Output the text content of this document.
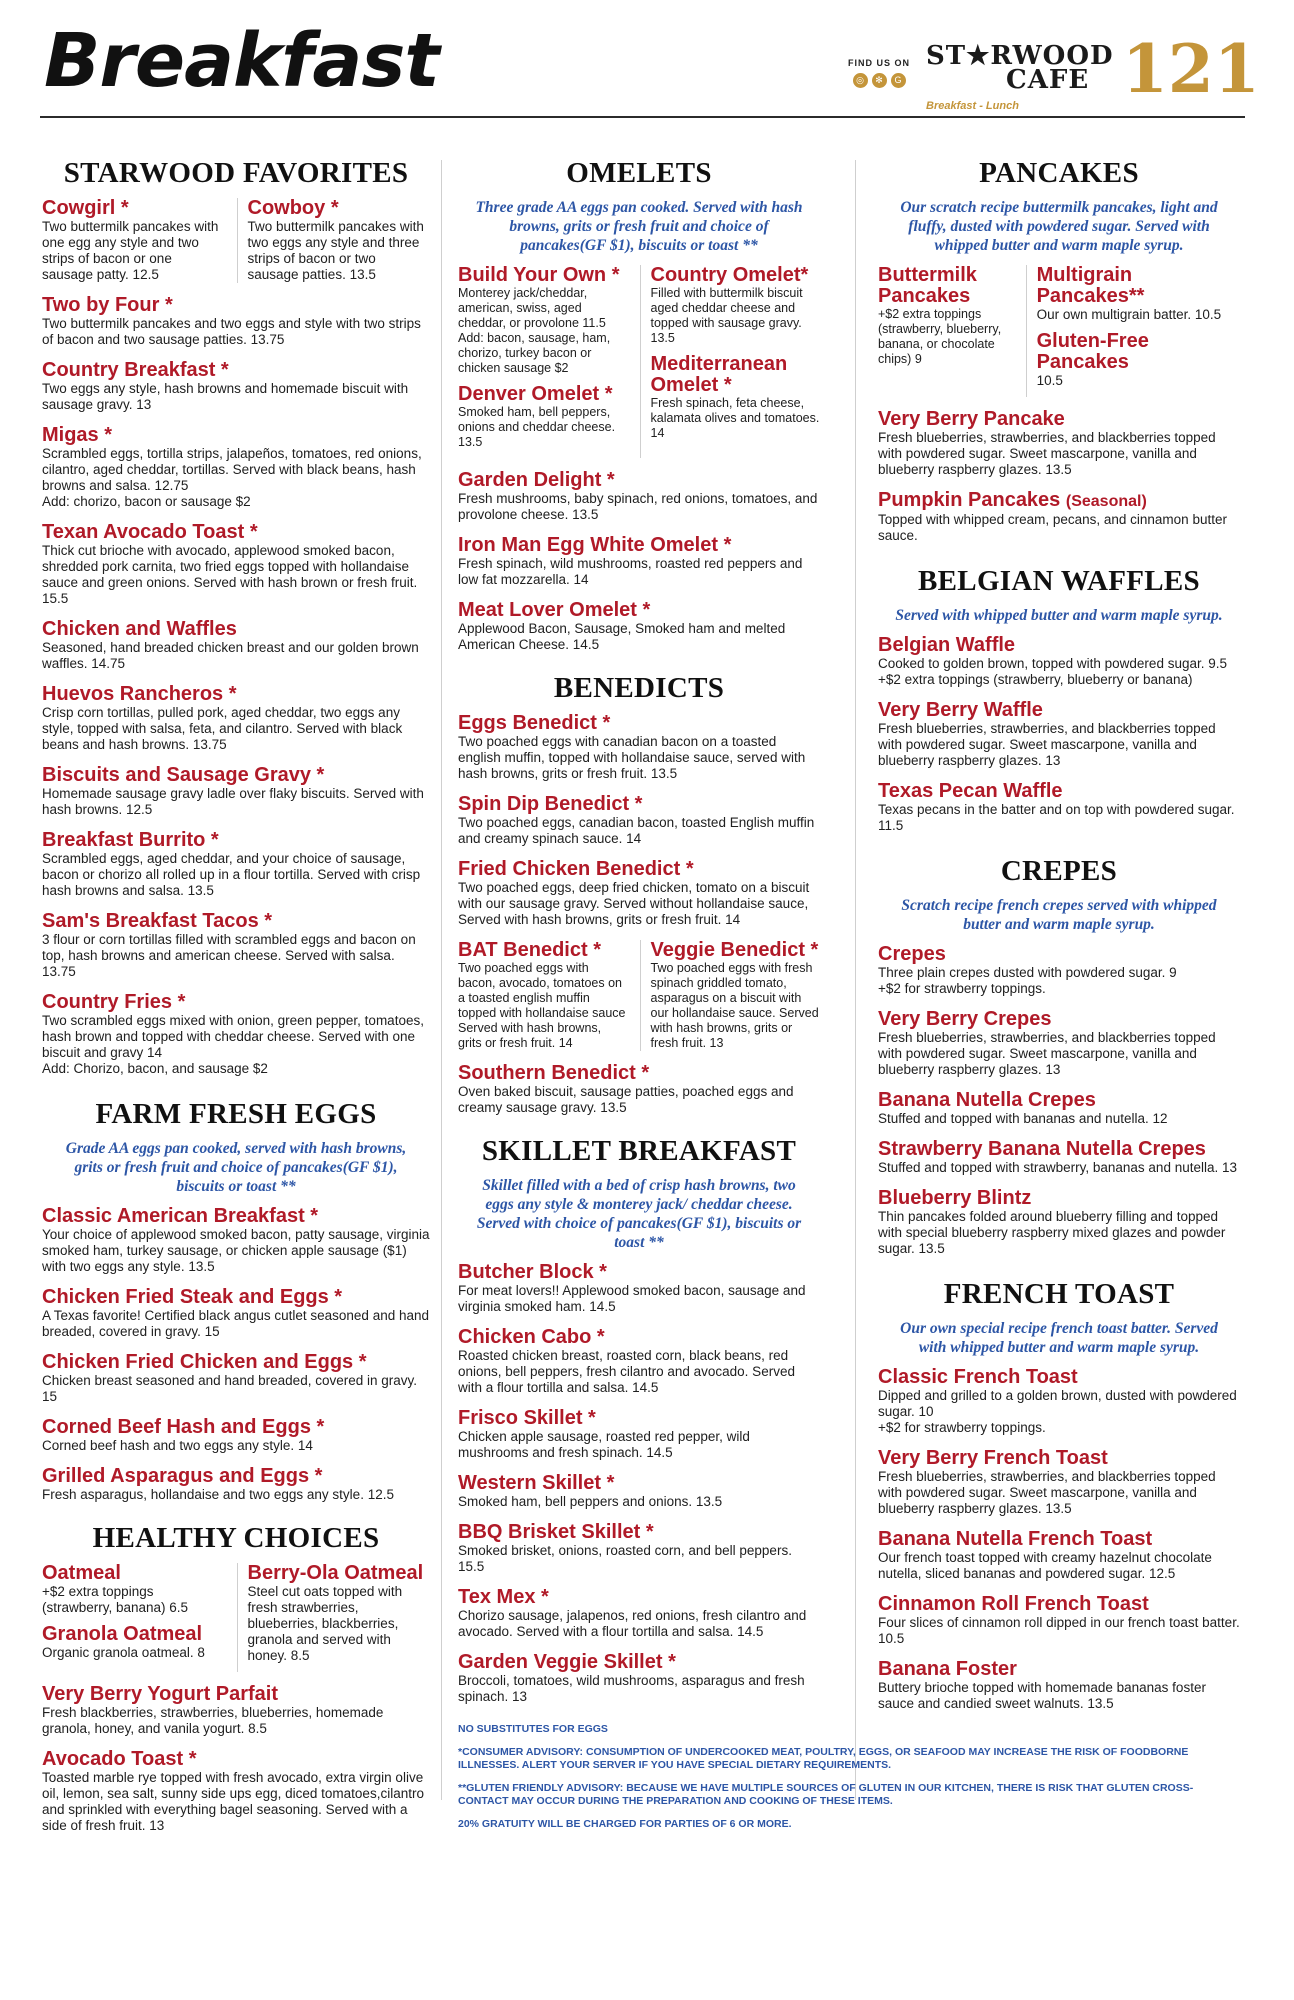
Breakfast	FIND US ON
◎	✻	G
ST★RWOOD
CAFE
Breakfast - Lunch 121
STARWOOD FAVORITES
Cowgirl *
Two buttermilk pancakes with one egg any style and two strips of bacon or one sausage patty. 12.5
Cowboy *
Two buttermilk pancakes with two eggs any style and three strips of bacon or two sausage patties. 13.5
Two by Four *
Two buttermilk pancakes and two eggs and style with two strips of bacon and two sausage patties. 13.75
Country Breakfast *
Two eggs any style, hash browns and homemade biscuit with sausage gravy. 13
Migas *
Scrambled eggs, tortilla strips, jalapeños, tomatoes, red onions, cilantro, aged cheddar, tortillas. Served with black beans, hash browns and salsa. 12.75
Add: chorizo, bacon or sausage $2
Texan Avocado Toast *
Thick cut brioche with avocado, applewood smoked bacon, shredded pork carnita, two fried eggs topped with hollandaise sauce and green onions. Served with hash brown or fresh fruit. 15.5
Chicken and Waffles
Seasoned, hand breaded chicken breast and our golden brown waffles. 14.75
Huevos Rancheros *
Crisp corn tortillas, pulled pork, aged cheddar, two eggs any style, topped with salsa, feta, and cilantro. Served with black beans and hash browns. 13.75
Biscuits and Sausage Gravy *
Homemade sausage gravy ladle over flaky biscuits. Served with hash browns. 12.5
Breakfast Burrito *
Scrambled eggs, aged cheddar, and your choice of sausage, bacon or chorizo all rolled up in a flour tortilla. Served with crisp hash browns and salsa. 13.5
Sam's Breakfast Tacos *
3 flour or corn tortillas filled with scrambled eggs and bacon on top, hash browns and american cheese. Served with salsa. 13.75
Country Fries *
Two scrambled eggs mixed with onion, green pepper, tomatoes, hash brown and topped with cheddar cheese. Served with one biscuit and gravy 14
Add: Chorizo, bacon, and sausage $2
FARM FRESH EGGS
Grade AA eggs pan cooked, served with hash browns, grits or fresh fruit and choice of pancakes(GF $1), biscuits or toast **
Classic American Breakfast *
Your choice of applewood smoked bacon, patty sausage, virginia smoked ham, turkey sausage, or chicken apple sausage ($1) with two eggs any style. 13.5
Chicken Fried Steak and Eggs *
A Texas favorite! Certified black angus cutlet seasoned and hand breaded, covered in gravy. 15
Chicken Fried Chicken and Eggs *
Chicken breast seasoned and hand breaded, covered in gravy. 15
Corned Beef Hash and Eggs *
Corned beef hash and two eggs any style. 14
Grilled Asparagus and Eggs *
Fresh asparagus, hollandaise and two eggs any style. 12.5
HEALTHY CHOICES
Oatmeal
+$2 extra toppings (strawberry, banana) 6.5
Granola Oatmeal
Organic granola oatmeal. 8
Berry-Ola Oatmeal
Steel cut oats topped with fresh strawberries, blueberries, blackberries, granola and served with honey. 8.5
Very Berry Yogurt Parfait
Fresh blackberries, strawberries, blueberries, homemade granola, honey, and vanila yogurt. 8.5
Avocado Toast *
Toasted marble rye topped with fresh avocado, extra virgin olive oil, lemon, sea salt, sunny side ups egg, diced tomatoes,cilantro and sprinkled with everything bagel seasoning. Served with a side of fresh fruit. 13
OMELETS
Three grade AA eggs pan cooked. Served with hash browns, grits or fresh fruit and choice of pancakes(GF $1), biscuits or toast **
Build Your Own *
Monterey jack/cheddar, american, swiss, aged cheddar, or provolone 11.5
Add: bacon, sausage, ham, chorizo, turkey bacon or chicken sausage $2
Denver Omelet *
Smoked ham, bell peppers, onions and cheddar cheese. 13.5
Country Omelet*
Filled with buttermilk biscuit aged cheddar cheese and topped with sausage gravy. 13.5
Mediterranean Omelet *
Fresh spinach, feta cheese, kalamata olives and tomatoes. 14
Garden Delight *
Fresh mushrooms, baby spinach, red onions, tomatoes, and provolone cheese. 13.5
Iron Man Egg White Omelet *
Fresh spinach, wild mushrooms, roasted red peppers and low fat mozzarella. 14
Meat Lover Omelet *
Applewood Bacon, Sausage, Smoked ham and melted American Cheese. 14.5
BENEDICTS
Eggs Benedict *
Two poached eggs with canadian bacon on a toasted english muffin, topped with hollandaise sauce, served with hash browns, grits or fresh fruit. 13.5
Spin Dip Benedict *
Two poached eggs, canadian bacon, toasted English muffin and creamy spinach sauce. 14
Fried Chicken Benedict *
Two poached eggs, deep fried chicken, tomato on a biscuit with our sausage gravy. Served without hollandaise sauce, Served with hash browns, grits or fresh fruit. 14
BAT Benedict *
Two poached eggs with bacon, avocado, tomatoes on a toasted english muffin topped with hollandaise sauce Served with hash browns, grits or fresh fruit. 14
Veggie Benedict *
Two poached eggs with fresh spinach griddled tomato, asparagus on a biscuit with our hollandaise sauce. Served with hash browns, grits or fresh fruit. 13
Southern Benedict *
Oven baked biscuit, sausage patties, poached eggs and creamy sausage gravy. 13.5
SKILLET BREAKFAST
Skillet filled with a bed of crisp hash browns, two eggs any style & monterey jack/ cheddar cheese. Served with choice of pancakes(GF $1), biscuits or toast **
Butcher Block *
For meat lovers!! Applewood smoked bacon, sausage and virginia smoked ham. 14.5
Chicken Cabo *
Roasted chicken breast, roasted corn, black beans, red onions, bell peppers, fresh cilantro and avocado. Served with a flour tortilla and salsa. 14.5
Frisco Skillet *
Chicken apple sausage, roasted red pepper, wild mushrooms and fresh spinach. 14.5
Western Skillet *
Smoked ham, bell peppers and onions. 13.5
BBQ Brisket Skillet *
Smoked brisket, onions, roasted corn, and bell peppers. 15.5
Tex Mex *
Chorizo sausage, jalapenos, red onions, fresh cilantro and avocado. Served with a flour tortilla and salsa. 14.5
Garden Veggie Skillet *
Broccoli, tomatoes, wild mushrooms, asparagus and fresh spinach. 13
NO SUBSTITUTES FOR EGGS
*CONSUMER ADVISORY: CONSUMPTION OF UNDERCOOKED MEAT, POULTRY, EGGS, OR SEAFOOD MAY INCREASE THE RISK OF FOODBORNE ILLNESSES. ALERT YOUR SERVER IF YOU HAVE SPECIAL DIETARY REQUIREMENTS.
**GLUTEN FRIENDLY ADVISORY: BECAUSE WE HAVE MULTIPLE SOURCES OF GLUTEN IN OUR KITCHEN, THERE IS RISK THAT GLUTEN CROSS-CONTACT MAY OCCUR DURING THE PREPARATION AND COOKING OF THESE ITEMS.
20% GRATUITY WILL BE CHARGED FOR PARTIES OF 6 OR MORE.
PANCAKES
Our scratch recipe buttermilk pancakes, light and fluffy, dusted with powdered sugar. Served with whipped butter and warm maple syrup.
Buttermilk Pancakes
+$2 extra toppings (strawberry, blueberry, banana, or chocolate chips) 9
Multigrain Pancakes**
Our own multigrain batter. 10.5
Gluten-Free Pancakes
10.5
Very Berry Pancake
Fresh blueberries, strawberries, and blackberries topped with powdered sugar. Sweet mascarpone, vanilla and blueberry raspberry glazes. 13.5
Pumpkin Pancakes (Seasonal)
Topped with whipped cream, pecans, and cinnamon butter sauce.
BELGIAN WAFFLES
Served with whipped butter and warm maple syrup.
Belgian Waffle
Cooked to golden brown, topped with powdered sugar. 9.5
+$2 extra toppings (strawberry, blueberry or banana)
Very Berry Waffle
Fresh blueberries, strawberries, and blackberries topped with powdered sugar. Sweet mascarpone, vanilla and blueberry raspberry glazes. 13
Texas Pecan Waffle
Texas pecans in the batter and on top with powdered sugar. 11.5
CREPES
Scratch recipe french crepes served with whipped butter and warm maple syrup.
Crepes
Three plain crepes dusted with powdered sugar. 9
+$2 for strawberry toppings.
Very Berry Crepes
Fresh blueberries, strawberries, and blackberries topped with powdered sugar. Sweet mascarpone, vanilla and blueberry raspberry glazes. 13
Banana Nutella Crepes
Stuffed and topped with bananas and nutella. 12
Strawberry Banana Nutella Crepes
Stuffed and topped with strawberry, bananas and nutella. 13
Blueberry Blintz
Thin pancakes folded around blueberry filling and topped with special blueberry raspberry mixed glazes and powder sugar. 13.5
FRENCH TOAST
Our own special recipe french toast batter. Served with whipped butter and warm maple syrup.
Classic French Toast
Dipped and grilled to a golden brown, dusted with powdered sugar. 10
+$2 for strawberry toppings.
Very Berry French Toast
Fresh blueberries, strawberries, and blackberries topped with powdered sugar. Sweet mascarpone, vanilla and blueberry raspberry glazes. 13.5
Banana Nutella French Toast
Our french toast topped with creamy hazelnut chocolate nutella, sliced bananas and powdered sugar. 12.5
Cinnamon Roll French Toast
Four slices of cinnamon roll dipped in our french toast batter. 10.5
Banana Foster
Buttery brioche topped with homemade bananas foster sauce and candied sweet walnuts. 13.5
